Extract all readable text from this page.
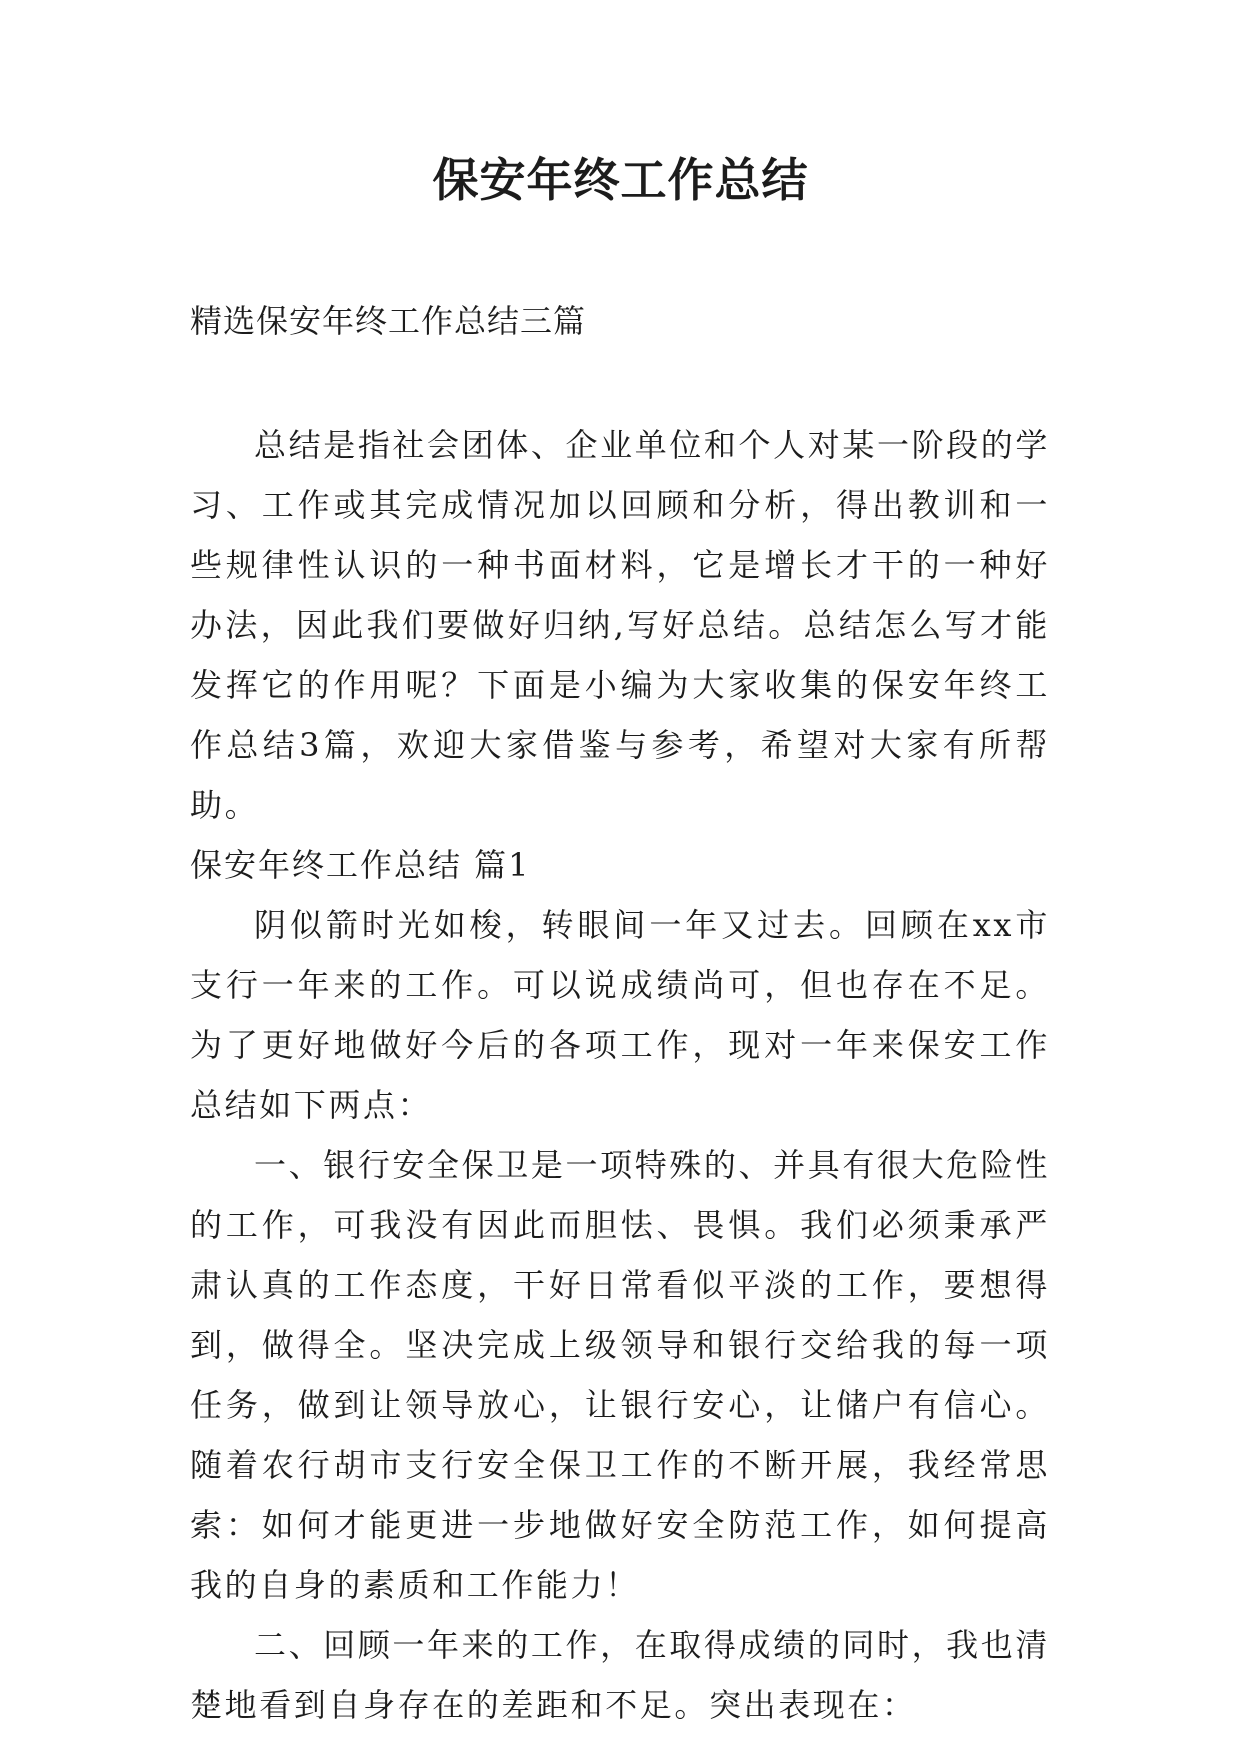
保安年终工作总结

精选保安年终工作总结三篇

总结是指社会团体、企业单位和个人对某一阶段的学习、工作或其完成情况加以回顾和分析，得出教训和一些规律性认识的一种书面材料，它是增长才干的一种好办法，因此我们要做好归纳,写好总结。总结怎么写才能发挥它的作用呢？下面是小编为大家收集的保安年终工作总结3篇，欢迎大家借鉴与参考，希望对大家有所帮助。

保安年终工作总结 篇1

阴似箭时光如梭，转眼间一年又过去。回顾在xx市支行一年来的工作。可以说成绩尚可，但也存在不足。为了更好地做好今后的各项工作，现对一年来保安工作总结如下两点：

一、银行安全保卫是一项特殊的、并具有很大危险性的工作，可我没有因此而胆怯、畏惧。我们必须秉承严肃认真的工作态度，干好日常看似平淡的工作，要想得到，做得全。坚决完成上级领导和银行交给我的每一项任务，做到让领导放心，让银行安心，让储户有信心。随着农行胡市支行安全保卫工作的不断开展，我经常思索：如何才能更进一步地做好安全防范工作，如何提高我的自身的素质和工作能力！

二、回顾一年来的工作，在取得成绩的同时，我也清楚地看到自身存在的差距和不足。突出表现在：
